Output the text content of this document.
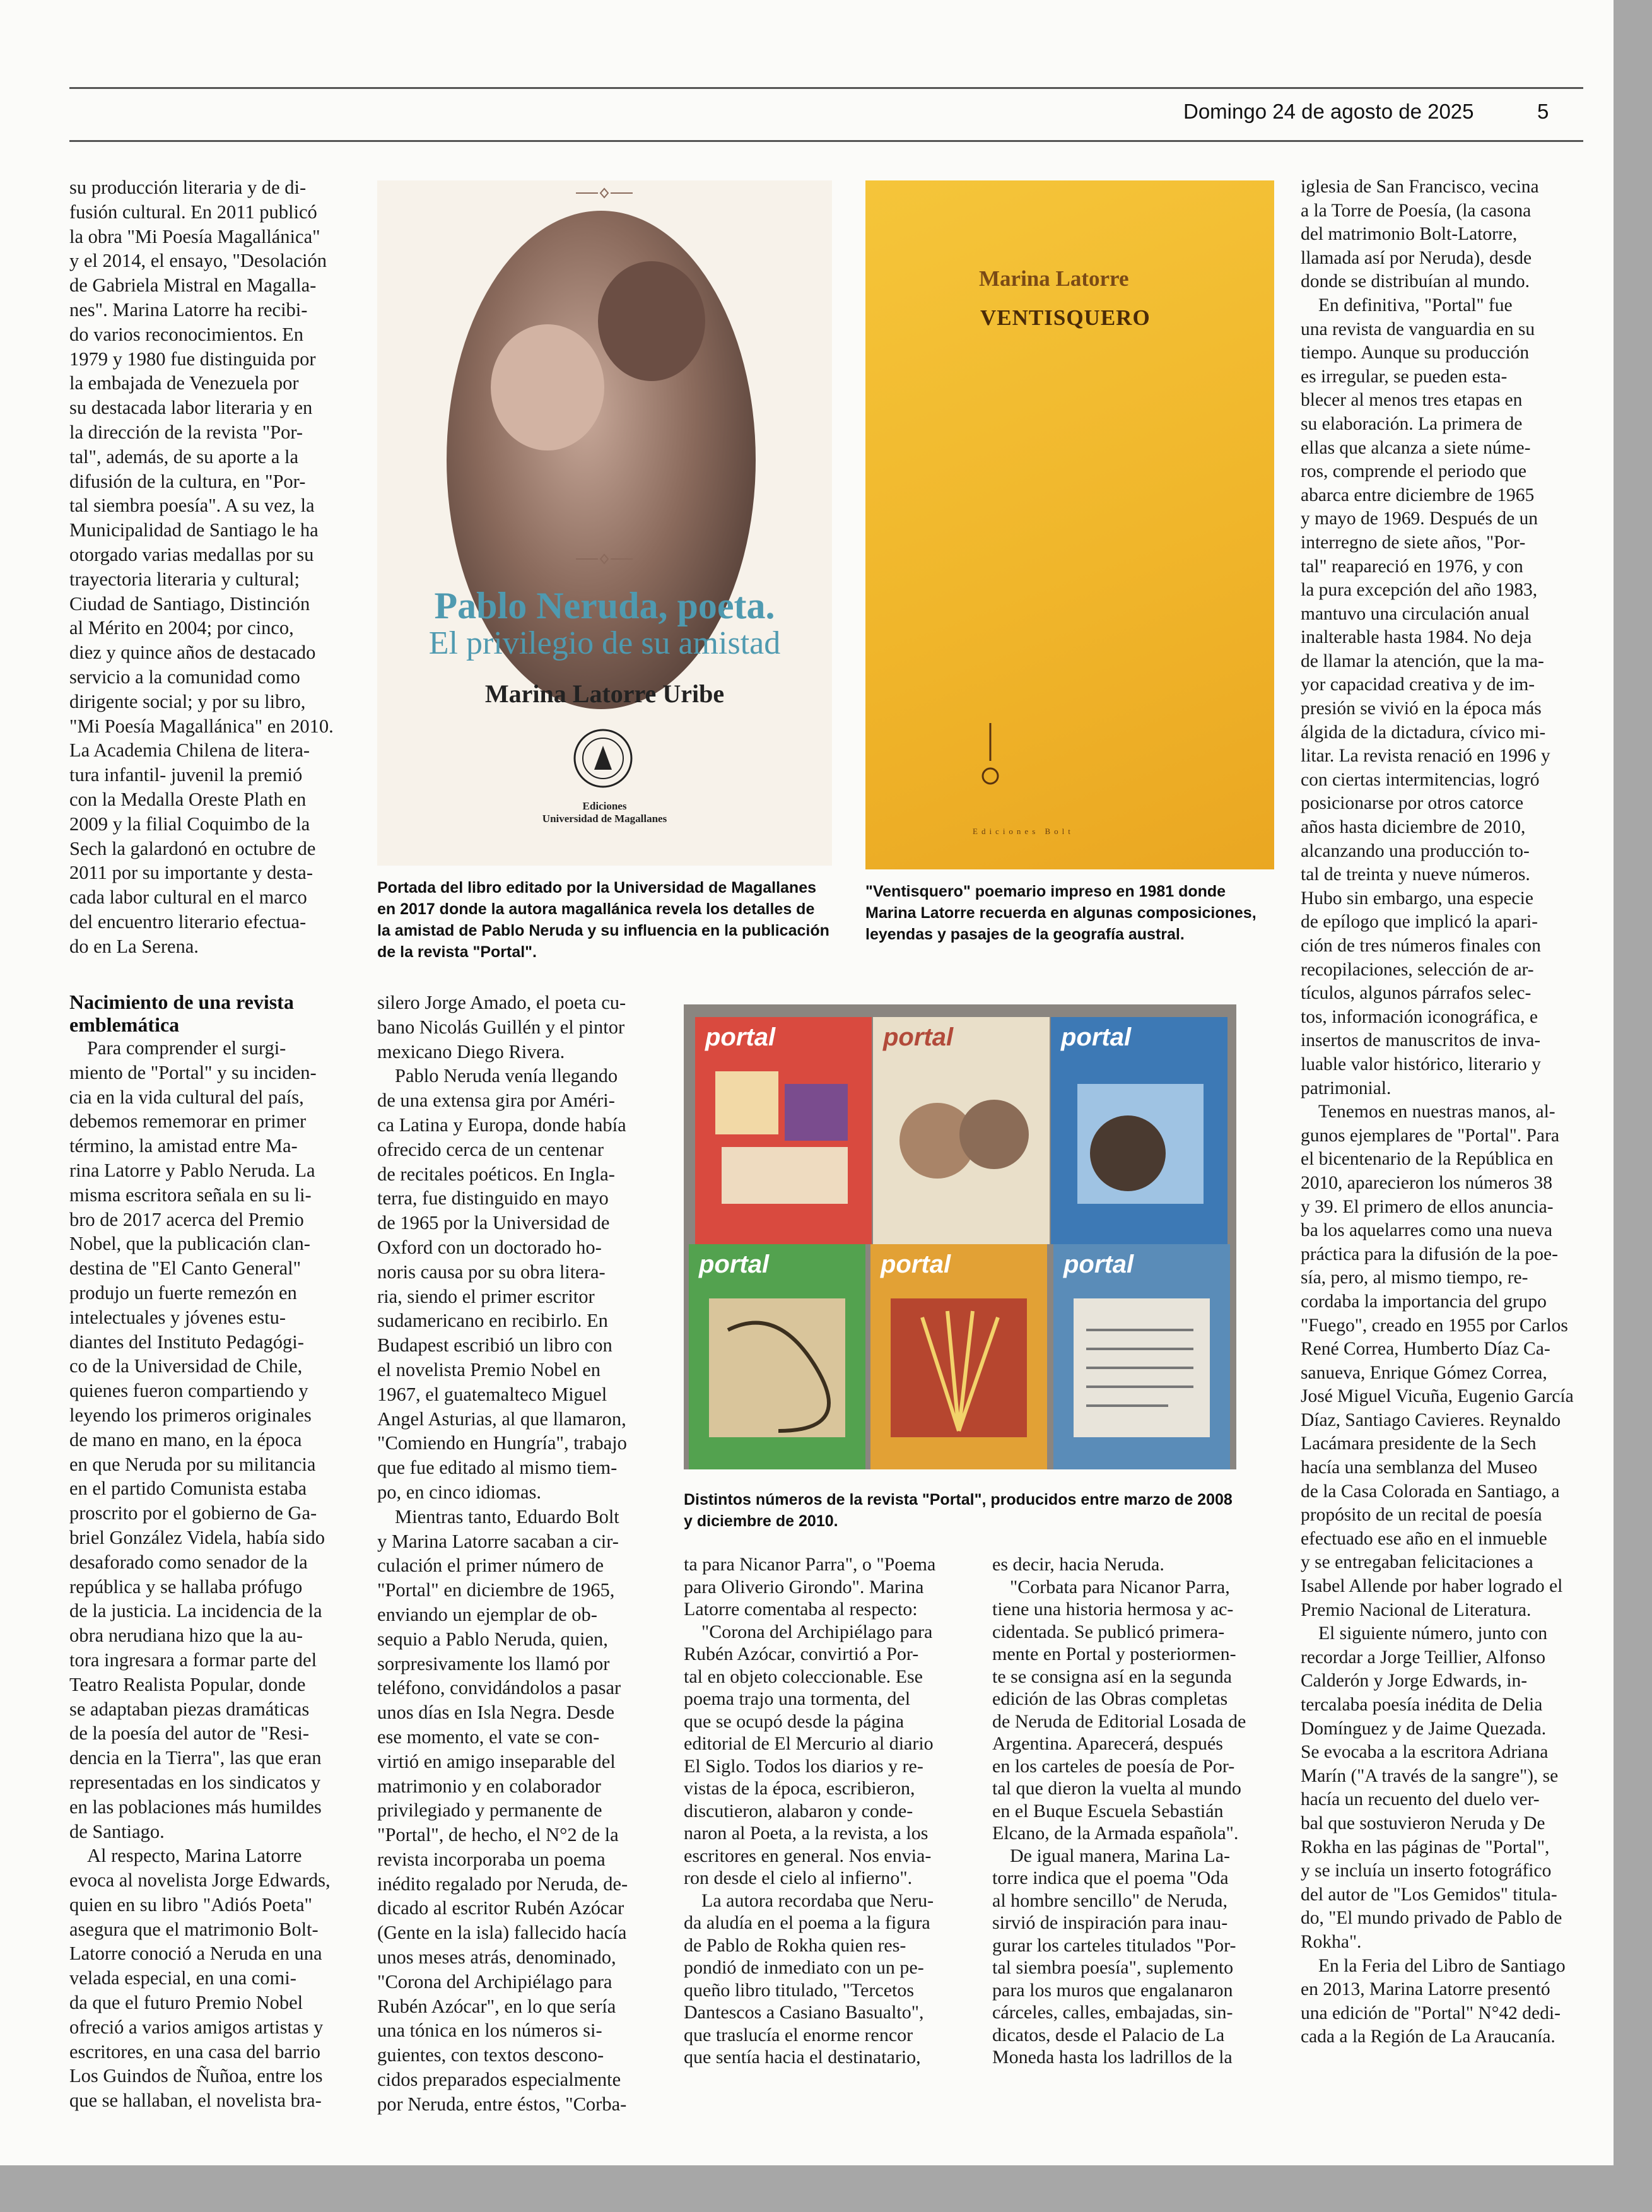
Domingo 24 de agosto de 2025	5

su producción literaria y de di-
fusión cultural. En 2011 publicó
la obra "Mi Poesía Magallánica"
y el 2014, el ensayo, "Desolación
de Gabriela Mistral en Magalla-
nes". Marina Latorre ha recibi-
do varios reconocimientos. En
1979 y 1980 fue distinguida por
la embajada de Venezuela por
su destacada labor literaria y en
la dirección de la revista "Por-
tal", además, de su aporte a la
difusión de la cultura, en "Por-
tal siembra poesía". A su vez, la
Municipalidad de Santiago le ha
otorgado varias medallas por su
trayectoria literaria y cultural;
Ciudad de Santiago, Distinción
al Mérito en 2004; por cinco,
diez y quince años de destacado
servicio a la comunidad como
dirigente social; y por su libro,
"Mi Poesía Magallánica" en 2010.
La Academia Chilena de litera-
tura infantil- juvenil la premió
con la Medalla Oreste Plath en
2009 y la filial Coquimbo de la
Sech la galardonó en octubre de
2011 por su importante y desta-
cada labor cultural en el marco
del encuentro literario efectua-
do en La Serena.

Nacimiento de una revista
emblemática

Para comprender el surgi-
miento de "Portal" y su inciden-
cia en la vida cultural del país,
debemos rememorar en primer
término, la amistad entre Ma-
rina Latorre y Pablo Neruda. La
misma escritora señala en su li-
bro de 2017 acerca del Premio
Nobel, que la publicación clan-
destina de "El Canto General"
produjo un fuerte remezón en
intelectuales y jóvenes estu-
diantes del Instituto Pedagógi-
co de la Universidad de Chile,
quienes fueron compartiendo y
leyendo los primeros originales
de mano en mano, en la época
en que Neruda por su militancia
en el partido Comunista estaba
proscrito por el gobierno de Ga-
briel González Videla, había sido
desaforado como senador de la
república y se hallaba prófugo
de la justicia. La incidencia de la
obra nerudiana hizo que la au-
tora ingresara a formar parte del
Teatro Realista Popular, donde
se adaptaban piezas dramáticas
de la poesía del autor de "Resi-
dencia en la Tierra", las que eran
representadas en los sindicatos y
en las poblaciones más humildes
de Santiago.

Al respecto, Marina Latorre
evoca al novelista Jorge Edwards,
quien en su libro "Adiós Poeta"
asegura que el matrimonio Bolt-
Latorre conoció a Neruda en una
velada especial, en una comi-
da que el futuro Premio Nobel
ofreció a varios amigos artistas y
escritores, en una casa del barrio
Los Guindos de Ñuñoa, entre los
que se hallaban, el novelista bra-

Pablo Neruda, poeta.
El privilegio de su amistad
Marina Latorre Uribe
Ediciones
Universidad de Magallanes
Portada del libro editado por la Universidad de Magallanes
en 2017 donde la autora magallánica revela los detalles de
la amistad de Pablo Neruda y su influencia en la publicación
de la revista "Portal".
Marina Latorre
VENTISQUERO
Ediciones Bolt
"Ventisquero" poemario impreso en 1981 donde
Marina Latorre recuerda en algunas composiciones,
leyendas y pasajes de la geografía austral.

silero Jorge Amado, el poeta cu-
bano Nicolás Guillén y el pintor
mexicano Diego Rivera.

Pablo Neruda venía llegando
de una extensa gira por Améri-
ca Latina y Europa, donde había
ofrecido cerca de un centenar
de recitales poéticos. En Ingla-
terra, fue distinguido en mayo
de 1965 por la Universidad de
Oxford con un doctorado ho-
noris causa por su obra litera-
ria, siendo el primer escritor
sudamericano en recibirlo. En
Budapest escribió un libro con
el novelista Premio Nobel en
1967, el guatemalteco Miguel
Angel Asturias, al que llamaron,
"Comiendo en Hungría", trabajo
que fue editado al mismo tiem-
po, en cinco idiomas.

Mientras tanto, Eduardo Bolt
y Marina Latorre sacaban a cir-
culación el primer número de
"Portal" en diciembre de 1965,
enviando un ejemplar de ob-
sequio a Pablo Neruda, quien,
sorpresivamente los llamó por
teléfono, convidándolos a pasar
unos días en Isla Negra. Desde
ese momento, el vate se con-
virtió en amigo inseparable del
matrimonio y en colaborador
privilegiado y permanente de
"Portal", de hecho, el N°2 de la
revista incorporaba un poema
inédito regalado por Neruda, de-
dicado al escritor Rubén Azócar
(Gente en la isla) fallecido hacía
unos meses atrás, denominado,
"Corona del Archipiélago para
Rubén Azócar", en lo que sería
una tónica en los números si-
guientes, con textos descono-
cidos preparados especialmente
por Neruda, entre éstos, "Corba-

portal	portal	portal
portal	portal	portal
Distintos números de la revista "Portal", producidos entre marzo de 2008
y diciembre de 2010.

ta para Nicanor Parra", o "Poema
para Oliverio Girondo". Marina
Latorre comentaba al respecto:

"Corona del Archipiélago para
Rubén Azócar, convirtió a Por-
tal en objeto coleccionable. Ese
poema trajo una tormenta, del
que se ocupó desde la página
editorial de El Mercurio al diario
El Siglo. Todos los diarios y re-
vistas de la época, escribieron,
discutieron, alabaron y conde-
naron al Poeta, a la revista, a los
escritores en general. Nos envia-
ron desde el cielo al infierno".

La autora recordaba que Neru-
da aludía en el poema a la figura
de Pablo de Rokha quien res-
pondió de inmediato con un pe-
queño libro titulado, "Tercetos
Dantescos a Casiano Basualto",
que traslucía el enorme rencor
que sentía hacia el destinatario,

es decir, hacia Neruda.

"Corbata para Nicanor Parra,
tiene una historia hermosa y ac-
cidentada. Se publicó primera-
mente en Portal y posteriormen-
te se consigna así en la segunda
edición de las Obras completas
de Neruda de Editorial Losada de
Argentina. Aparecerá, después
en los carteles de poesía de Por-
tal que dieron la vuelta al mundo
en el Buque Escuela Sebastián
Elcano, de la Armada española".

De igual manera, Marina La-
torre indica que el poema "Oda
al hombre sencillo" de Neruda,
sirvió de inspiración para inau-
gurar los carteles titulados "Por-
tal siembra poesía", suplemento
para los muros que engalanaron
cárceles, calles, embajadas, sin-
dicatos, desde el Palacio de La
Moneda hasta los ladrillos de la

iglesia de San Francisco, vecina
a la Torre de Poesía, (la casona
del matrimonio Bolt-Latorre,
llamada así por Neruda), desde
donde se distribuían al mundo.

En definitiva, "Portal" fue
una revista de vanguardia en su
tiempo. Aunque su producción
es irregular, se pueden esta-
blecer al menos tres etapas en
su elaboración. La primera de
ellas que alcanza a siete núme-
ros, comprende el periodo que
abarca entre diciembre de 1965
y mayo de 1969. Después de un
interregno de siete años, "Por-
tal" reapareció en 1976, y con
la pura excepción del año 1983,
mantuvo una circulación anual
inalterable hasta 1984. No deja
de llamar la atención, que la ma-
yor capacidad creativa y de im-
presión se vivió en la época más
álgida de la dictadura, cívico mi-
litar. La revista renació en 1996 y
con ciertas intermitencias, logró
posicionarse por otros catorce
años hasta diciembre de 2010,
alcanzando una producción to-
tal de treinta y nueve números.
Hubo sin embargo, una especie
de epílogo que implicó la apari-
ción de tres números finales con
recopilaciones, selección de ar-
tículos, algunos párrafos selec-
tos, información iconográfica, e
insertos de manuscritos de inva-
luable valor histórico, literario y
patrimonial.

Tenemos en nuestras manos, al-
gunos ejemplares de "Portal". Para
el bicentenario de la República en
2010, aparecieron los números 38
y 39. El primero de ellos anuncia-
ba los aquelarres como una nueva
práctica para la difusión de la poe-
sía, pero, al mismo tiempo, re-
cordaba la importancia del grupo
"Fuego", creado en 1955 por Carlos
René Correa, Humberto Díaz Ca-
sanueva, Enrique Gómez Correa,
José Miguel Vicuña, Eugenio García
Díaz, Santiago Cavieres. Reynaldo
Lacámara presidente de la Sech
hacía una semblanza del Museo
de la Casa Colorada en Santiago, a
propósito de un recital de poesía
efectuado ese año en el inmueble
y se entregaban felicitaciones a
Isabel Allende por haber logrado el
Premio Nacional de Literatura.

El siguiente número, junto con
recordar a Jorge Teillier, Alfonso
Calderón y Jorge Edwards, in-
tercalaba poesía inédita de Delia
Domínguez y de Jaime Quezada.
Se evocaba a la escritora Adriana
Marín ("A través de la sangre"), se
hacía un recuento del duelo ver-
bal que sostuvieron Neruda y De
Rokha en las páginas de "Portal",
y se incluía un inserto fotográfico
del autor de "Los Gemidos" titula-
do, "El mundo privado de Pablo de
Rokha".

En la Feria del Libro de Santiago
en 2013, Marina Latorre presentó
una edición de "Portal" N°42 dedi-
cada a la Región de La Araucanía.
